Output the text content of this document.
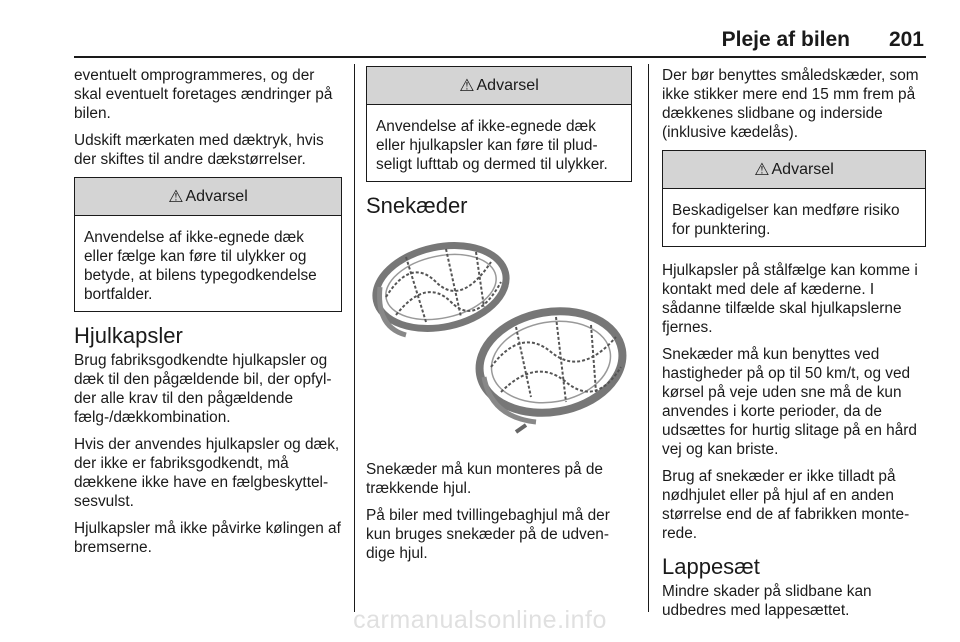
Pleje af bilen 201

eventuelt omprogrammeres, og der skal eventuelt foretages ændringer på bilen.

Udskift mærkaten med dæktryk, hvis der skiftes til andre dækstørrelser.

⚠ Advarsel
Anvendelse af ikke-egnede dæk eller fælge kan føre til ulykker og betyde, at bilens typegodkendelse bortfalder.
Hjulkapsler

Brug fabriksgodkendte hjulkapsler og dæk til den pågældende bil, der opfylder alle krav til den pågældende fælg-/dækkombination.

Hvis der anvendes hjulkapsler og dæk, der ikke er fabriksgodkendt, må dækkene ikke have en fælgbeskyttelsesvulst.

Hjulkapsler må ikke påvirke kølingen af bremserne.

⚠ Advarsel
Anvendelse af ikke-egnede dæk eller hjulkapsler kan føre til pludseligt lufttab og dermed til ulykker.
Snekæder

Snekæder må kun monteres på de trækkende hjul.

På biler med tvillingebaghjul må der kun bruges snekæder på de udvendige hjul.

Der bør benyttes småledskæder, som ikke stikker mere end 15 mm frem på dækkenes slidbane og inderside (inklusive kædelås).

⚠ Advarsel
Beskadigelser kan medføre risiko for punktering.

Hjulkapsler på stålfælge kan komme i kontakt med dele af kæderne. I sådanne tilfælde skal hjulkapslerne fjernes.

Snekæder må kun benyttes ved hastigheder på op til 50 km/t, og ved kørsel på veje uden sne må de kun anvendes i korte perioder, da de udsættes for hurtig slitage på en hård vej og kan briste.

Brug af snekæder er ikke tilladt på nødhjulet eller på hjul af en anden størrelse end de af fabrikken monterede.

Lappesæt

Mindre skader på slidbane kan udbedres med lappesættet.

carmanualsonline.info
